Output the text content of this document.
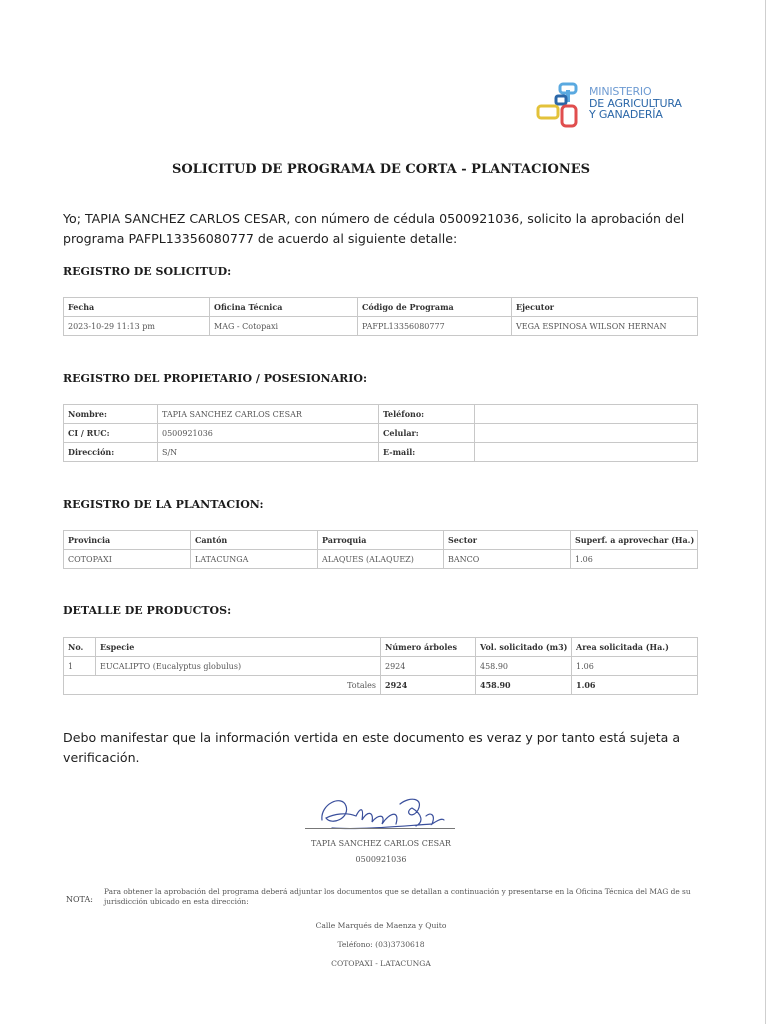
MINISTERIO
DE AGRICULTURA
Y GANADERÍA
SOLICITUD DE PROGRAMA DE CORTA - PLANTACIONES
Yo; TAPIA SANCHEZ CARLOS CESAR, con número de cédula 0500921036, solicito la aprobación del programa PAFPL13356080777 de acuerdo al siguiente detalle:
REGISTRO DE SOLICITUD:
Fecha	Oficina Técnica	Código de Programa	Ejecutor
2023-10-29 11:13 pm	MAG - Cotopaxi	PAFPL13356080777	VEGA ESPINOSA WILSON HERNAN
REGISTRO DEL PROPIETARIO / POSESIONARIO:
Nombre:	TAPIA SANCHEZ CARLOS CESAR	Teléfono:	
CI / RUC:	0500921036	Celular:	
Dirección:	S/N	E-mail:	
REGISTRO DE LA PLANTACION:
Provincia	Cantón	Parroquia	Sector	Superf. a aprovechar (Ha.)
COTOPAXI	LATACUNGA	ALAQUES (ALAQUEZ)	BANCO	1.06
DETALLE DE PRODUCTOS:
No.	Especie	Número árboles	Vol. solicitado (m3)	Area solicitada (Ha.)
1	EUCALIPTO (Eucalyptus globulus)	2924	458.90	1.06
Totales		2924	458.90	1.06
Debo manifestar que la información vertida en este documento es veraz y por tanto está sujeta a verificación.
TAPIA SANCHEZ CARLOS CESAR
0500921036
NOTA:
Para obtener la aprobación del programa deberá adjuntar los documentos que se detallan a continuación y presentarse en la Oficina Técnica del MAG de su jurisdicción ubicado en esta dirección:
Calle Marqués de Maenza y Quito
Teléfono: (03)3730618
COTOPAXI - LATACUNGA
